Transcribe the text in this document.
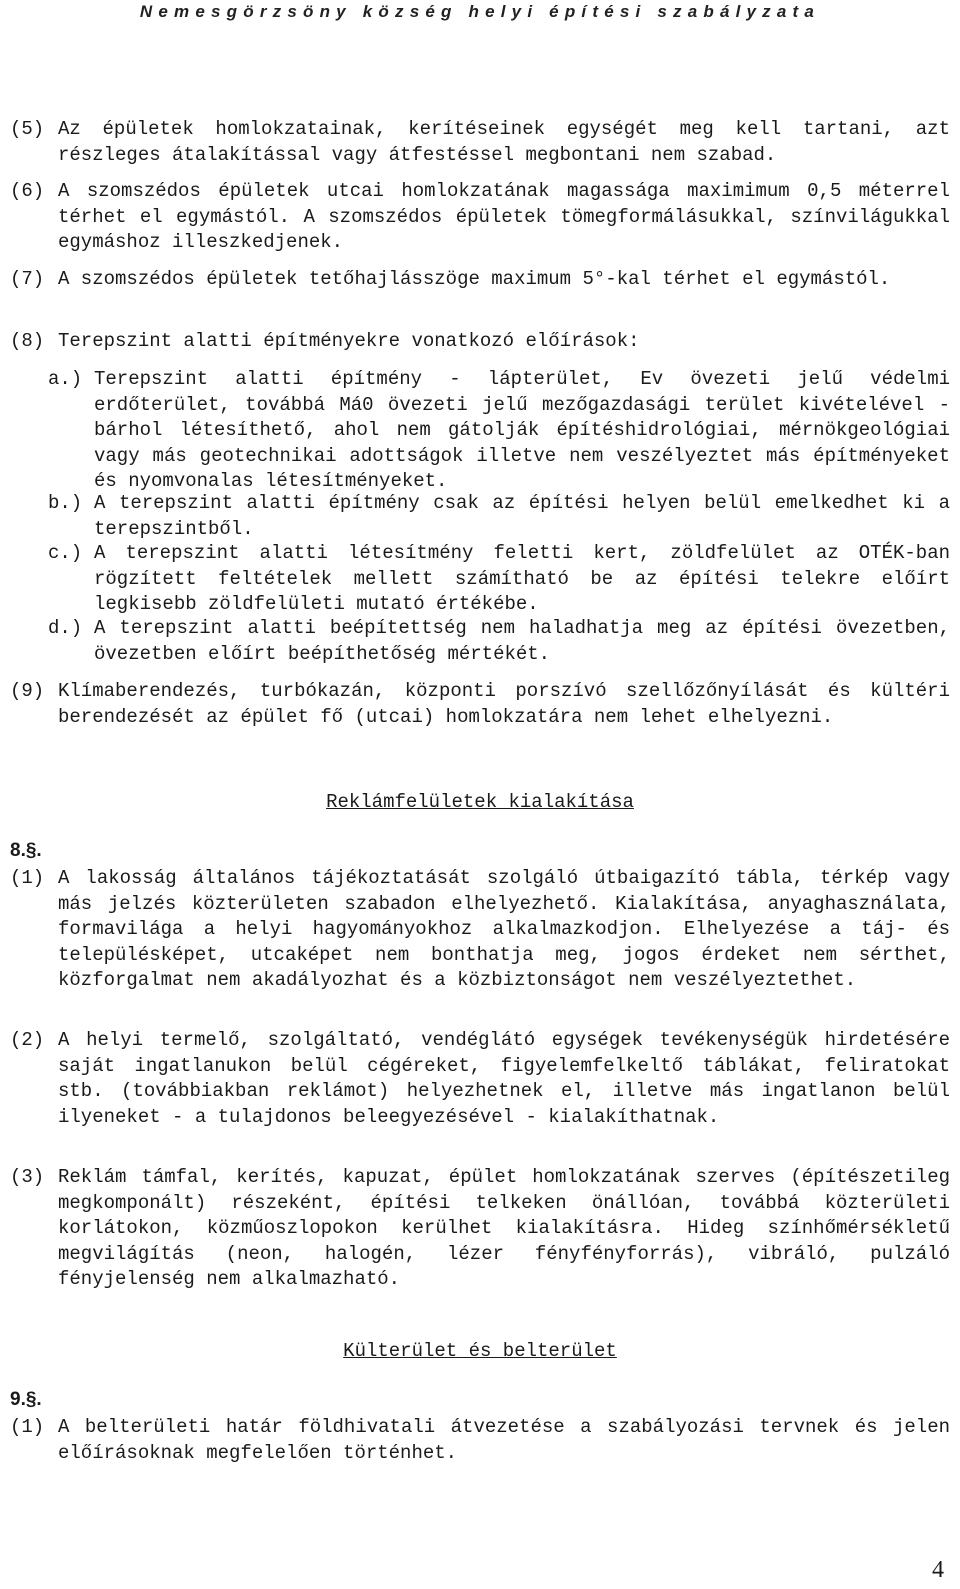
Nemesgörzsöny község helyi építési szabályzata
(5) Az épületek homlokzatainak, kerítéseinek egységét meg kell tartani, azt részleges átalakítással vagy átfestéssel megbontani nem szabad.
(6) A szomszédos épületek utcai homlokzatának magassága maximimum 0,5 méterrel térhet el egymástól. A szomszédos épületek tömegformálásukkal, színvilágukkal egymáshoz illeszkedjenek.
(7) A szomszédos épületek tetőhajlásszöge maximum 5°-kal térhet el egymástól.
(8) Terepszint alatti építményekre vonatkozó előírások:
a.) Terepszint alatti építmény - lápterület, Ev övezeti jelű védelmi erdőterület, továbbá Má0 övezeti jelű mezőgazdasági terület kivételével - bárhol létesíthető, ahol nem gátolják építéshidrológiai, mérnökgeológiai vagy más geotechnikai adottságok illetve nem veszélyeztet más építményeket és nyomvonalas létesítményeket.
b.) A terepszint alatti építmény csak az építési helyen belül emelkedhet ki a terepszintből.
c.) A terepszint alatti létesítmény feletti kert, zöldfelület az OTÉK-ban rögzített feltételek mellett számítható be az építési telekre előírt legkisebb zöldfelületi mutató értékébe.
d.) A terepszint alatti beépítettség nem haladhatja meg az építési övezetben, övezetben előírt beépíthetőség mértékét.
(9) Klímaberendezés, turbókazán, központi porszívó szellőzőnyílását és kültéri berendezését az épület fő (utcai) homlokzatára nem lehet elhelyezni.
Reklámfelületek kialakítása
8.§.
(1) A lakosság általános tájékoztatását szolgáló útbaigazító tábla, térkép vagy más jelzés közterületen szabadon elhelyezhető. Kialakítása, anyaghasználata, formavilága a helyi hagyományokhoz alkalmazkodjon. Elhelyezése a táj- és településképet, utcaképet nem bonthatja meg, jogos érdeket nem sérthet, közforgalmat nem akadályozhat és a közbiztonságot nem veszélyeztethet.
(2) A helyi termelő, szolgáltató, vendéglátó egységek tevékenységük hirdetésére saját ingatlanukon belül cégéreket, figyelemfelkeltő táblákat, feliratokat stb. (továbbiakban reklámot) helyezhetnek el, illetve más ingatlanon belül ilyeneket - a tulajdonos beleegyezésével - kialakíthatnak.
(3) Reklám támfal, kerítés, kapuzat, épület homlokzatának szerves (építészetileg megkomponált) részeként, építési telkeken önállóan, továbbá közterületi korlátokon, közműoszlopokon kerülhet kialakításra. Hideg színhőmérsékletű megvilágítás (neon, halogén, lézer fényfényforrás), vibráló, pulzáló fényjelenség nem alkalmazható.
Külterület és belterület
9.§.
(1) A belterületi határ földhivatali átvezetése a szabályozási tervnek és jelen előírásoknak megfelelően történhet.
4
